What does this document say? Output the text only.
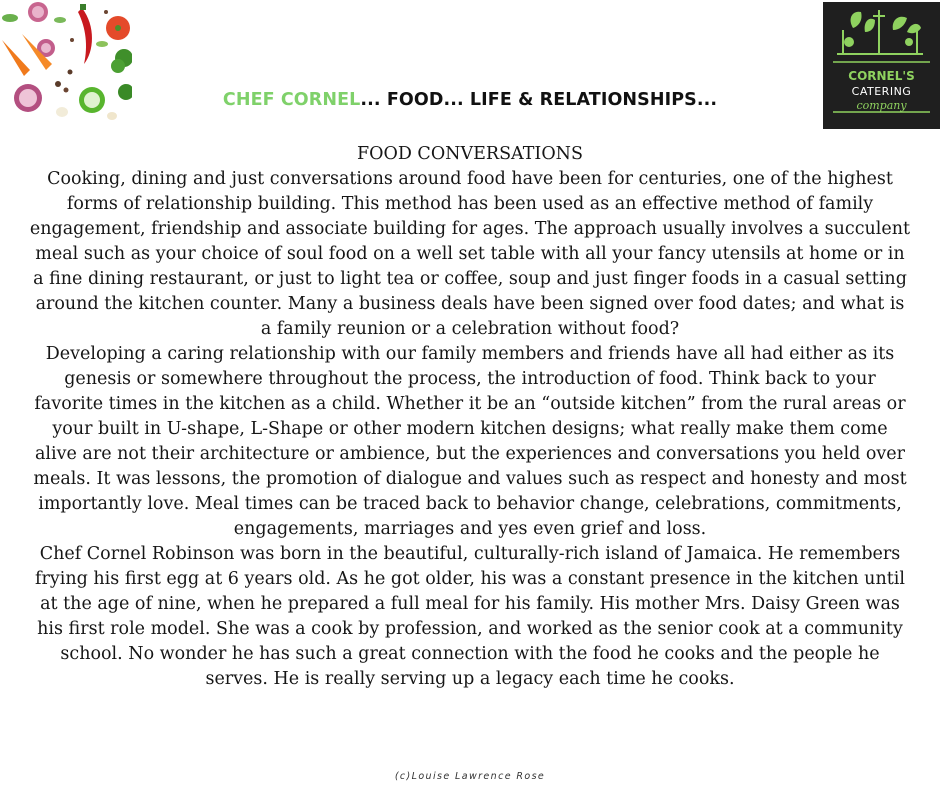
CORNEL'S
CATERING
company
CHEF CORNEL... FOOD... LIFE & RELATIONSHIPS...

FOOD CONVERSATIONS

Cooking, dining and just conversations around food have been for centuries, one of the highest
forms of relationship building. This method has been used as an effective method of family
engagement, friendship and associate building for ages. The approach usually involves a succulent
meal such as your choice of soul food on a well set table with all your fancy utensils at home or in
a fine dining restaurant, or just to light tea or coffee, soup and just finger foods in a casual setting
around the kitchen counter. Many a business deals have been signed over food dates; and what is
a family reunion or a celebration without food?

Developing a caring relationship with our family members and friends have all had either as its
genesis or somewhere throughout the process, the introduction of food. Think back to your
favorite times in the kitchen as a child. Whether it be an “outside kitchen” from the rural areas or
your built in U-shape, L-Shape or other modern kitchen designs; what really make them come
alive are not their architecture or ambience, but the experiences and conversations you held over
meals. It was lessons, the promotion of dialogue and values such as respect and honesty and most
importantly love. Meal times can be traced back to behavior change, celebrations, commitments,
engagements, marriages and yes even grief and loss.

Chef Cornel Robinson was born in the beautiful, culturally-rich island of Jamaica. He remembers
frying his first egg at 6 years old. As he got older, his was a constant presence in the kitchen until
at the age of nine, when he prepared a full meal for his family. His mother Mrs. Daisy Green was
his first role model. She was a cook by profession, and worked as the senior cook at a community
school. No wonder he has such a great connection with the food he cooks and the people he
serves. He is really serving up a legacy each time he cooks.

(c)Louise Lawrence Rose
